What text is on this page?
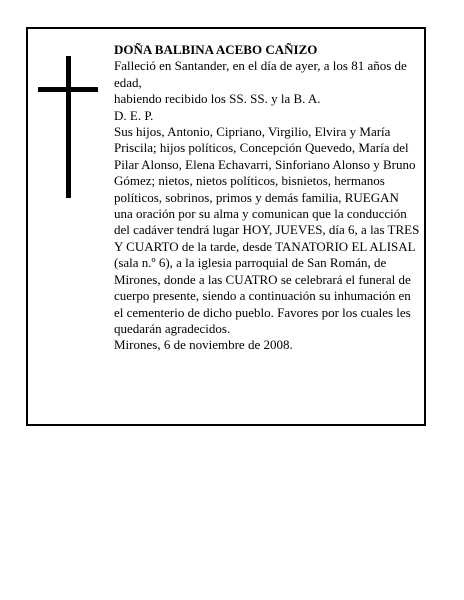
DOÑA BALBINA ACEBO CAÑIZO

Falleció en Santander, en el día de ayer, a los 81 años de edad,

habiendo recibido los SS. SS. y la B. A.

D. E. P.

Sus hijos, Antonio, Cipriano, Virgilio, Elvira y María Priscila; hijos políticos, Concepción Quevedo, María del Pilar Alonso, Elena Echavarri, Sinforiano Alonso y Bruno Gómez; nietos, nietos políticos, bisnietos, hermanos políticos, sobrinos, primos y demás familia, RUEGAN una oración por su alma y comunican que la conducción del cadáver tendrá lugar HOY, JUEVES, día 6, a las TRES Y CUARTO de la tarde, desde TANATORIO EL ALISAL (sala n.º 6), a la iglesia parroquial de San Román, de Mirones, donde a las CUATRO se celebrará el funeral de cuerpo presente, siendo a continuación su inhumación en el cementerio de dicho pueblo. Favores por los cuales les quedarán agradecidos.

Mirones, 6 de noviembre de 2008.
